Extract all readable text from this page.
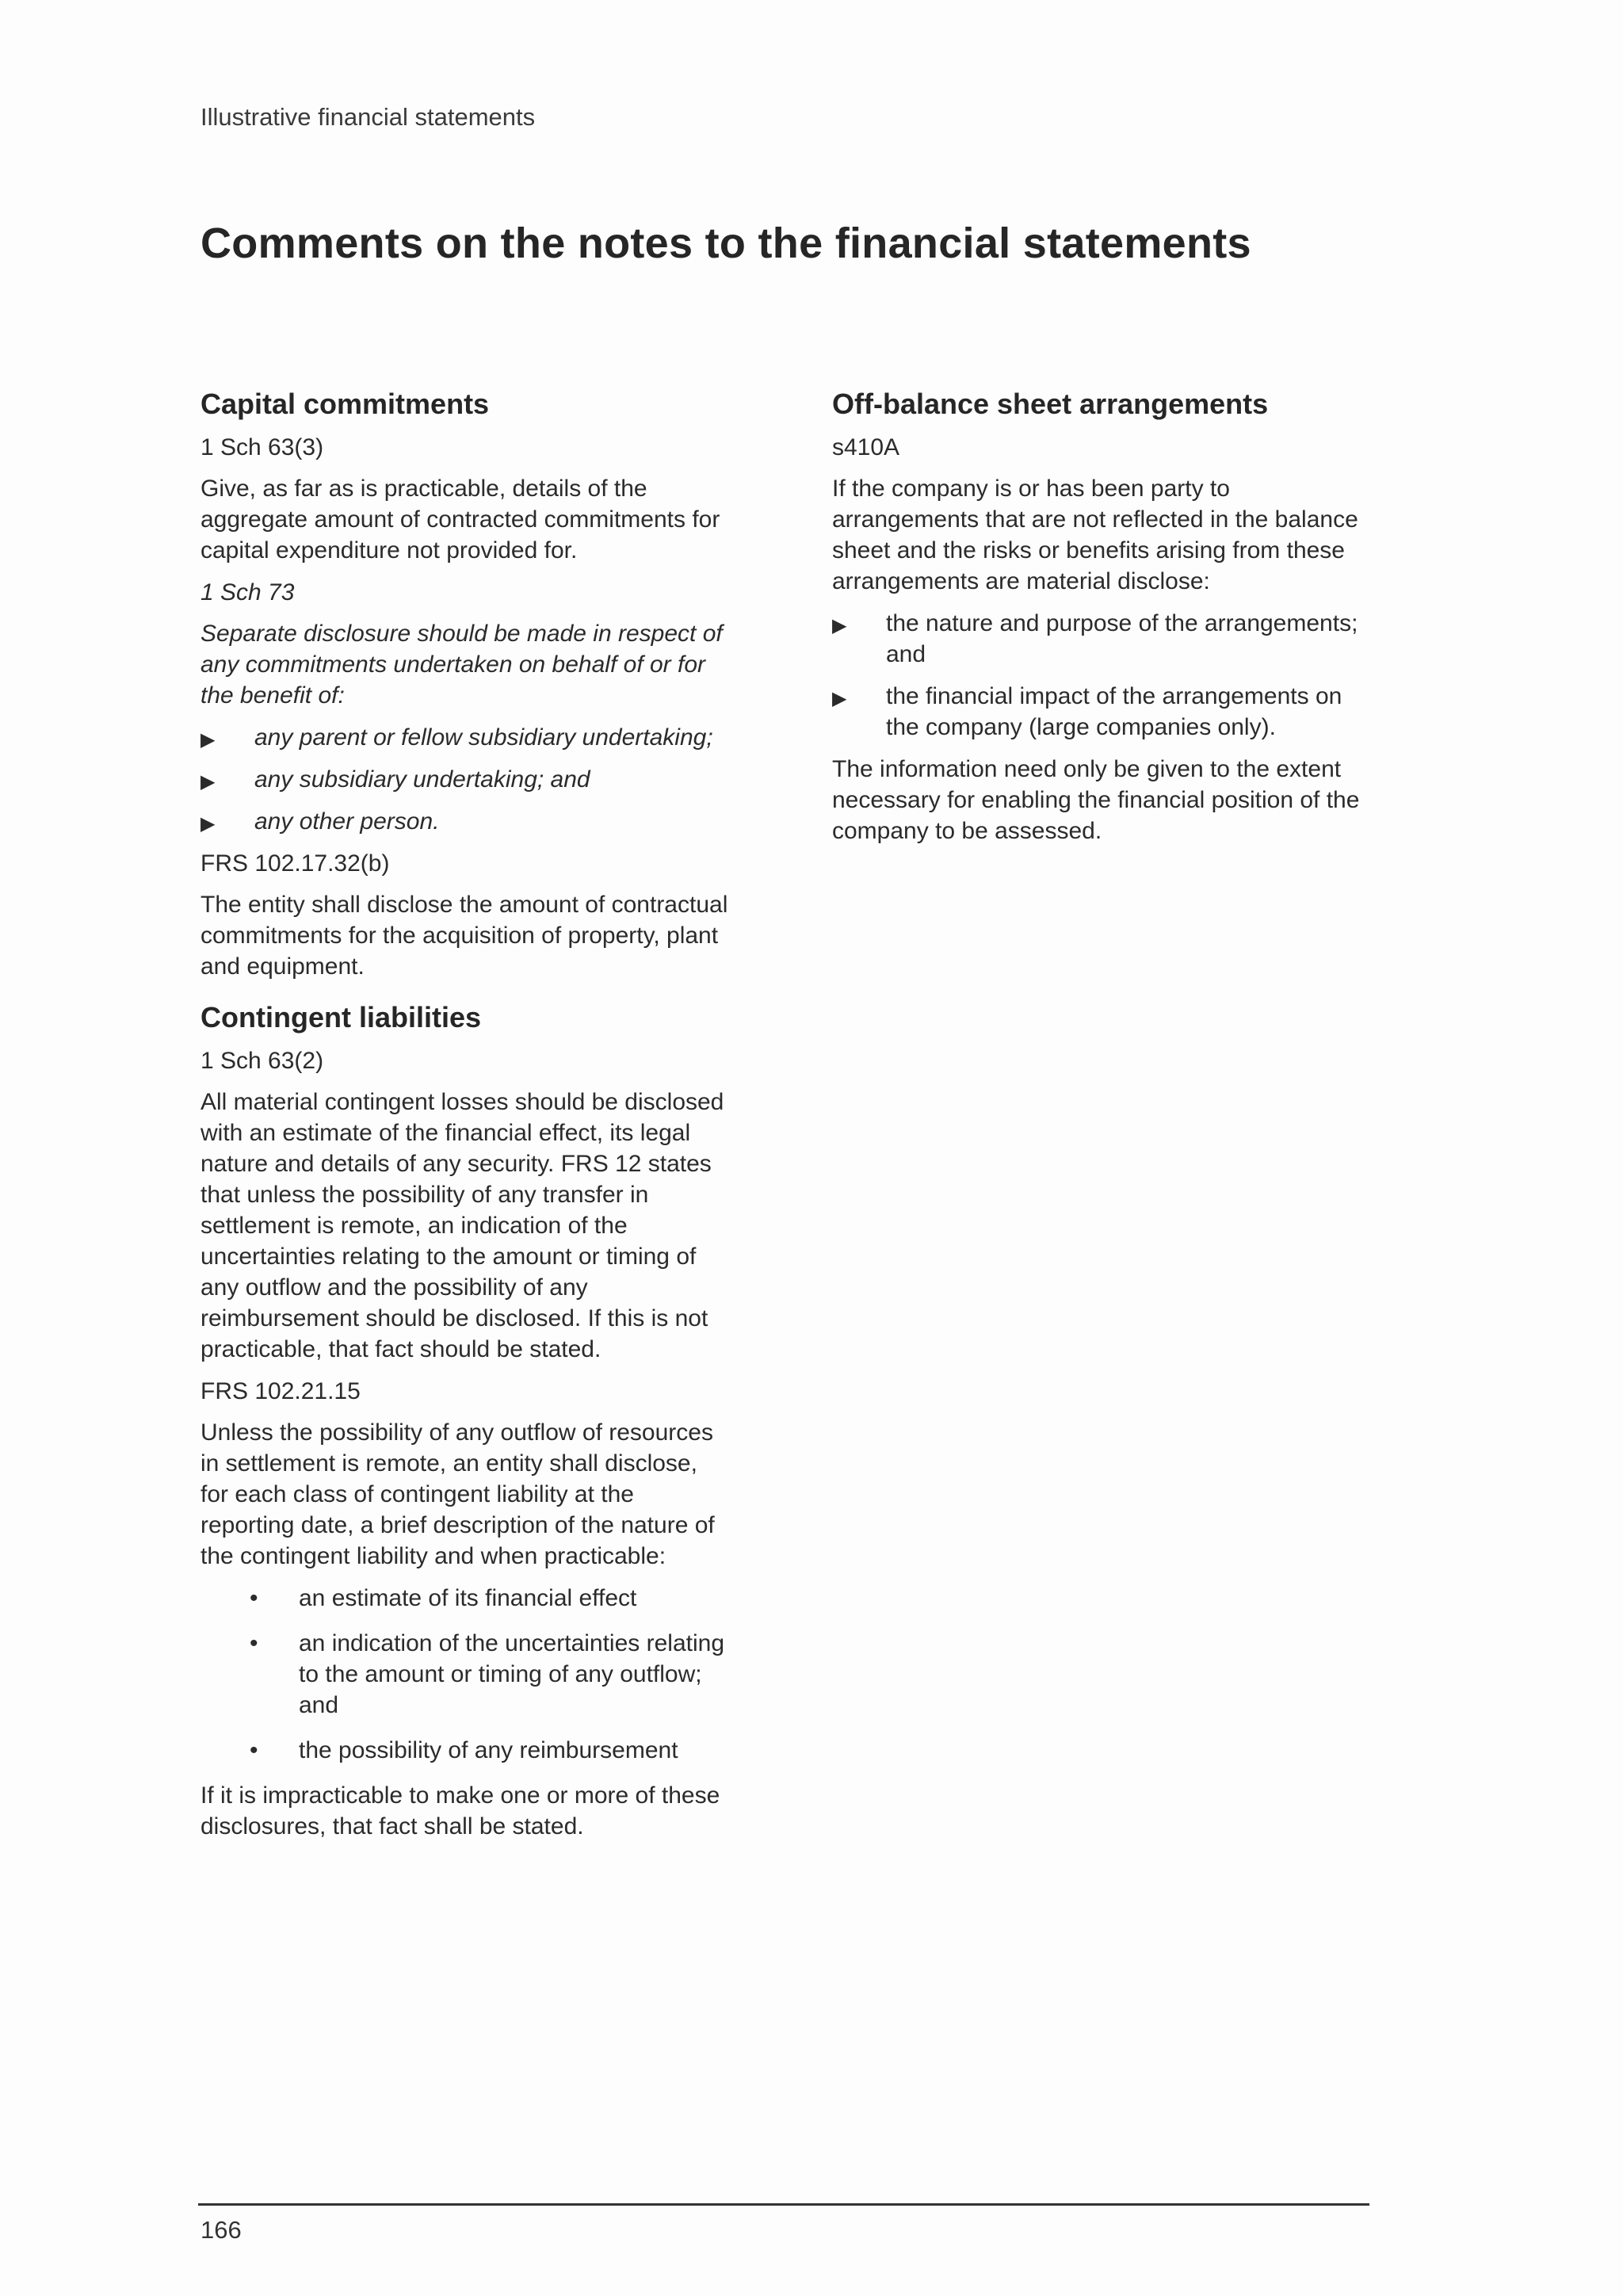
Illustrative financial statements
Comments on the notes to the financial statements
Capital commitments
1 Sch 63(3)

Give, as far as is practicable, details of the aggregate amount of contracted commitments for capital expenditure not provided for.

1 Sch 73

Separate disclosure should be made in respect of any commitments undertaken on behalf of or for the benefit of:

▶ any parent or fellow subsidiary undertaking;
▶ any subsidiary undertaking; and
▶ any other person.
FRS 102.17.32(b)

The entity shall disclose the amount of contractual commitments for the acquisition of property, plant and equipment.

Contingent liabilities
1 Sch 63(2)

All material contingent losses should be disclosed with an estimate of the financial effect, its legal nature and details of any security. FRS 12 states that unless the possibility of any transfer in settlement is remote, an indication of the uncertainties relating to the amount or timing of any outflow and the possibility of any reimbursement should be disclosed. If this is not practicable, that fact should be stated.

FRS 102.21.15

Unless the possibility of any outflow of resources in settlement is remote, an entity shall disclose, for each class of contingent liability at the reporting date, a brief description of the nature of the contingent liability and when practicable:

• an estimate of its financial effect
• an indication of the uncertainties relating to the amount or timing of any outflow; and
• the possibility of any reimbursement

If it is impracticable to make one or more of these disclosures, that fact shall be stated.

Off-balance sheet arrangements
s410A

If the company is or has been party to arrangements that are not reflected in the balance sheet and the risks or benefits arising from these arrangements are material disclose:

▶ the nature and purpose of the arrangements; and
▶ the financial impact of the arrangements on the company (large companies only).

The information need only be given to the extent necessary for enabling the financial position of the company to be assessed.

166
